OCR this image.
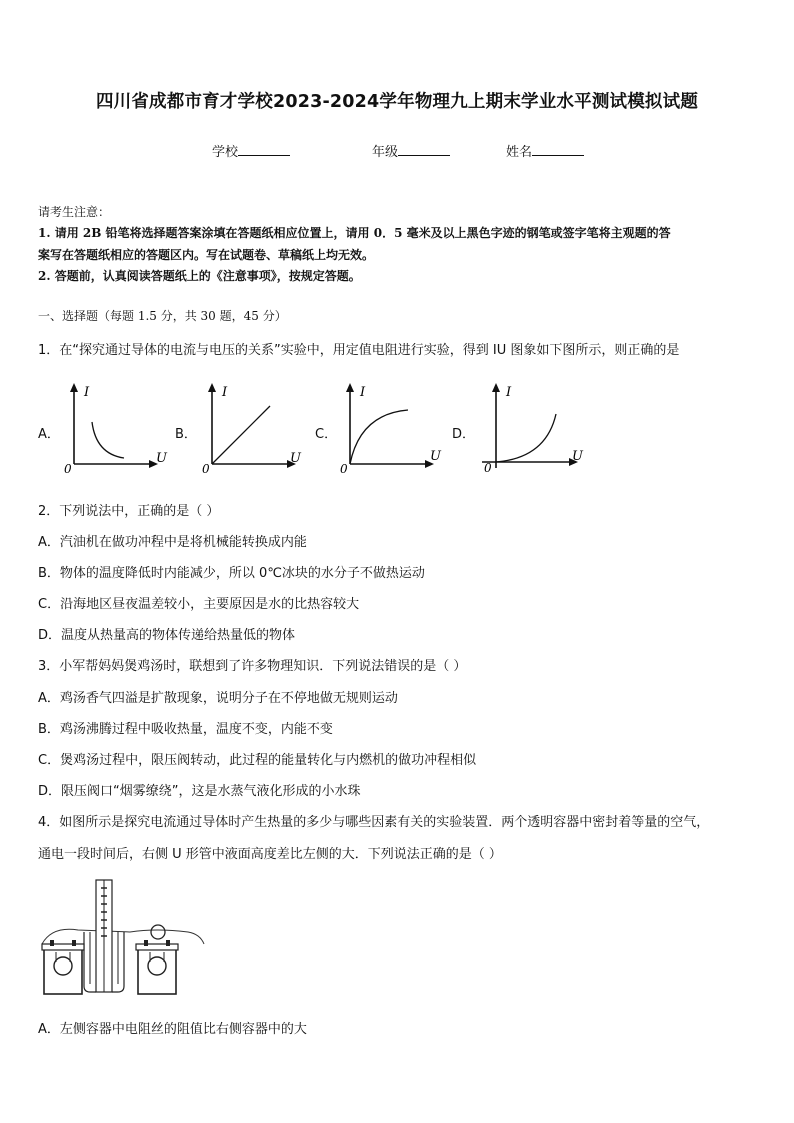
四川省成都市育才学校2023-2024学年物理九上期末学业水平测试模拟试题
学校	年级	姓名
请考生注意：
1. 请用 2B 铅笔将选择题答案涂填在答题纸相应位置上，请用 0．5 毫米及以上黑色字迹的钢笔或签字笔将主观题的答
案写在答题纸相应的答题区内。写在试题卷、草稿纸上均无效。
2. 答题前，认真阅读答题纸上的《注意事项》，按规定答题。
一、选择题（每题 1.5 分，共 30 题，45 分）
1．在“探究通过导体的电流与电压的关系”实验中，用定值电阻进行实验，得到 IU 图象如下图所示，则正确的是
A．	B．	C．	D．
I
U
0
I
U
0
I
U
0
I
U
0
2．下列说法中，正确的是（ ）
A．汽油机在做功冲程中是将机械能转换成内能
B．物体的温度降低时内能减少，所以 0℃冰块的水分子不做热运动
C．沿海地区昼夜温差较小，主要原因是水的比热容较大
D．温度从热量高的物体传递给热量低的物体
3．小军帮妈妈煲鸡汤时，联想到了许多物理知识．下列说法错误的是（ ）
A．鸡汤香气四溢是扩散现象，说明分子在不停地做无规则运动
B．鸡汤沸腾过程中吸收热量，温度不变，内能不变
C．煲鸡汤过程中，限压阀转动，此过程的能量转化与内燃机的做功冲程相似
D．限压阀口“烟雾缭绕”，这是水蒸气液化形成的小水珠
4．如图所示是探究电流通过导体时产生热量的多少与哪些因素有关的实验装置．两个透明容器中密封着等量的空气，
通电一段时间后，右侧 U 形管中液面高度差比左侧的大．下列说法正确的是（ ）
A．左侧容器中电阻丝的阻值比右侧容器中的大
